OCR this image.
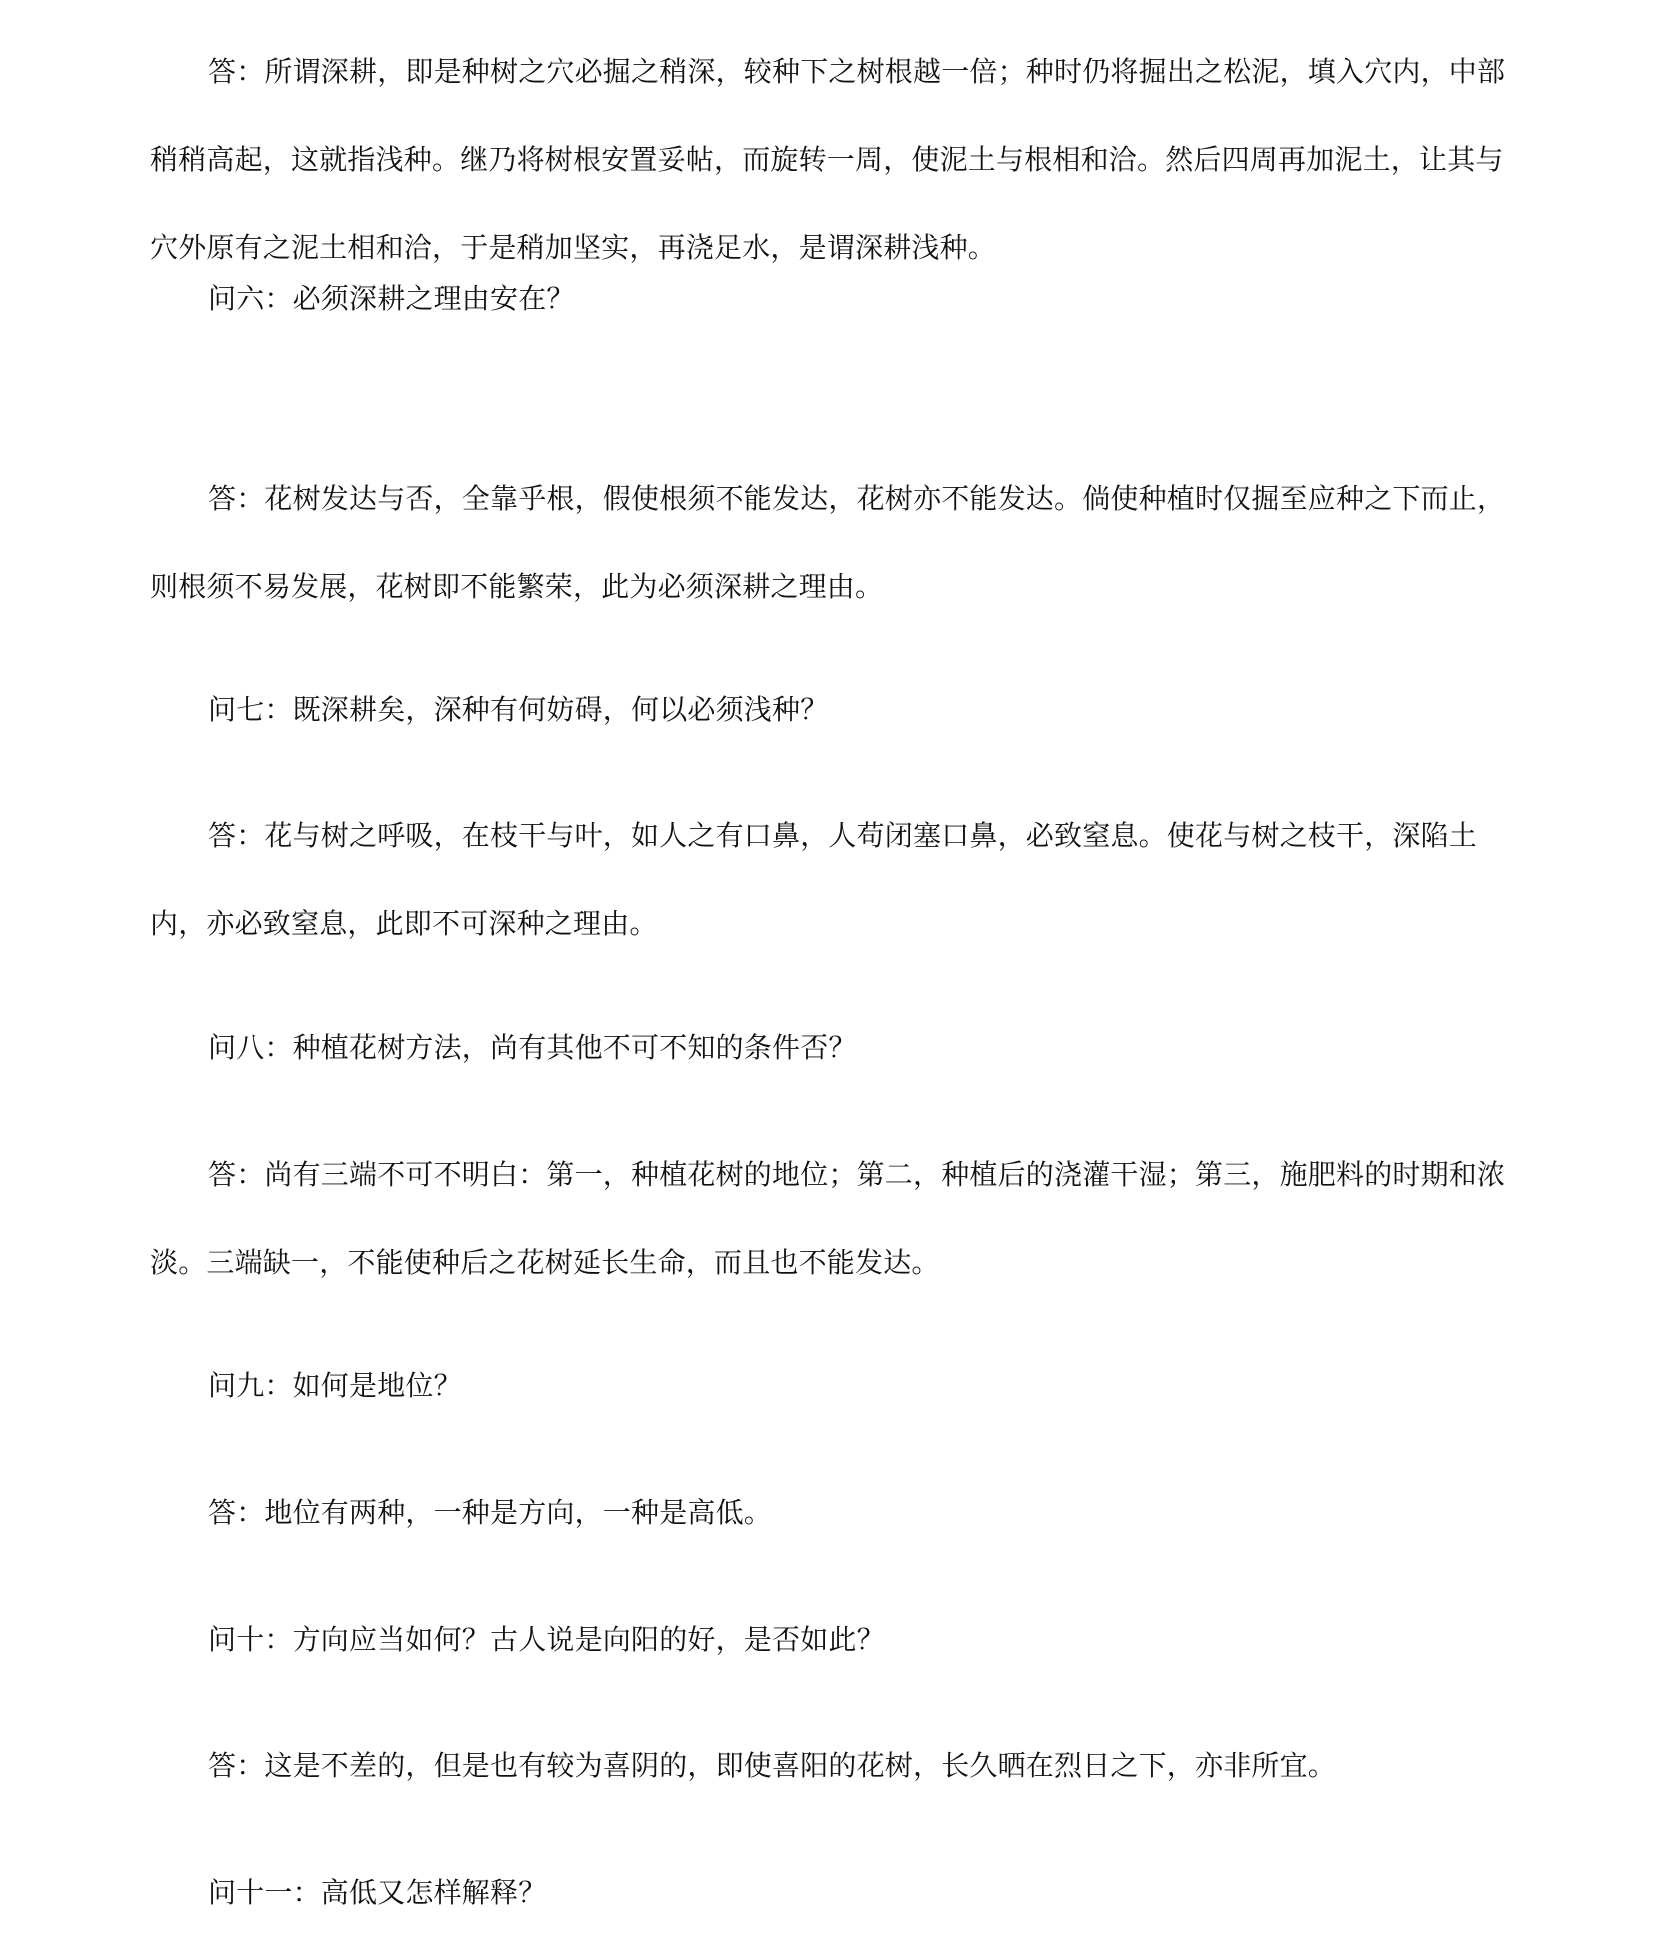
答：所谓深耕，即是种树之穴必掘之稍深，较种下之树根越一倍；种时仍将掘出之松泥，填入穴内，中部稍稍高起，这就指浅种。继乃将树根安置妥帖，而旋转一周，使泥土与根相和洽。然后四周再加泥土，让其与穴外原有之泥土相和洽，于是稍加坚实，再浇足水，是谓深耕浅种。

问六：必须深耕之理由安在？

答：花树发达与否，全靠乎根，假使根须不能发达，花树亦不能发达。倘使种植时仅掘至应种之下而止，则根须不易发展，花树即不能繁荣，此为必须深耕之理由。

问七：既深耕矣，深种有何妨碍，何以必须浅种？

答：花与树之呼吸，在枝干与叶，如人之有口鼻，人苟闭塞口鼻，必致窒息。使花与树之枝干，深陷土内，亦必致窒息，此即不可深种之理由。

问八：种植花树方法，尚有其他不可不知的条件否？

答：尚有三端不可不明白：第一，种植花树的地位；第二，种植后的浇灌干湿；第三，施肥料的时期和浓淡。三端缺一，不能使种后之花树延长生命，而且也不能发达。

问九：如何是地位？

答：地位有两种，一种是方向，一种是高低。

问十：方向应当如何？古人说是向阳的好，是否如此？

答：这是不差的，但是也有较为喜阴的，即使喜阳的花树，长久晒在烈日之下，亦非所宜。

问十一：高低又怎样解释？
